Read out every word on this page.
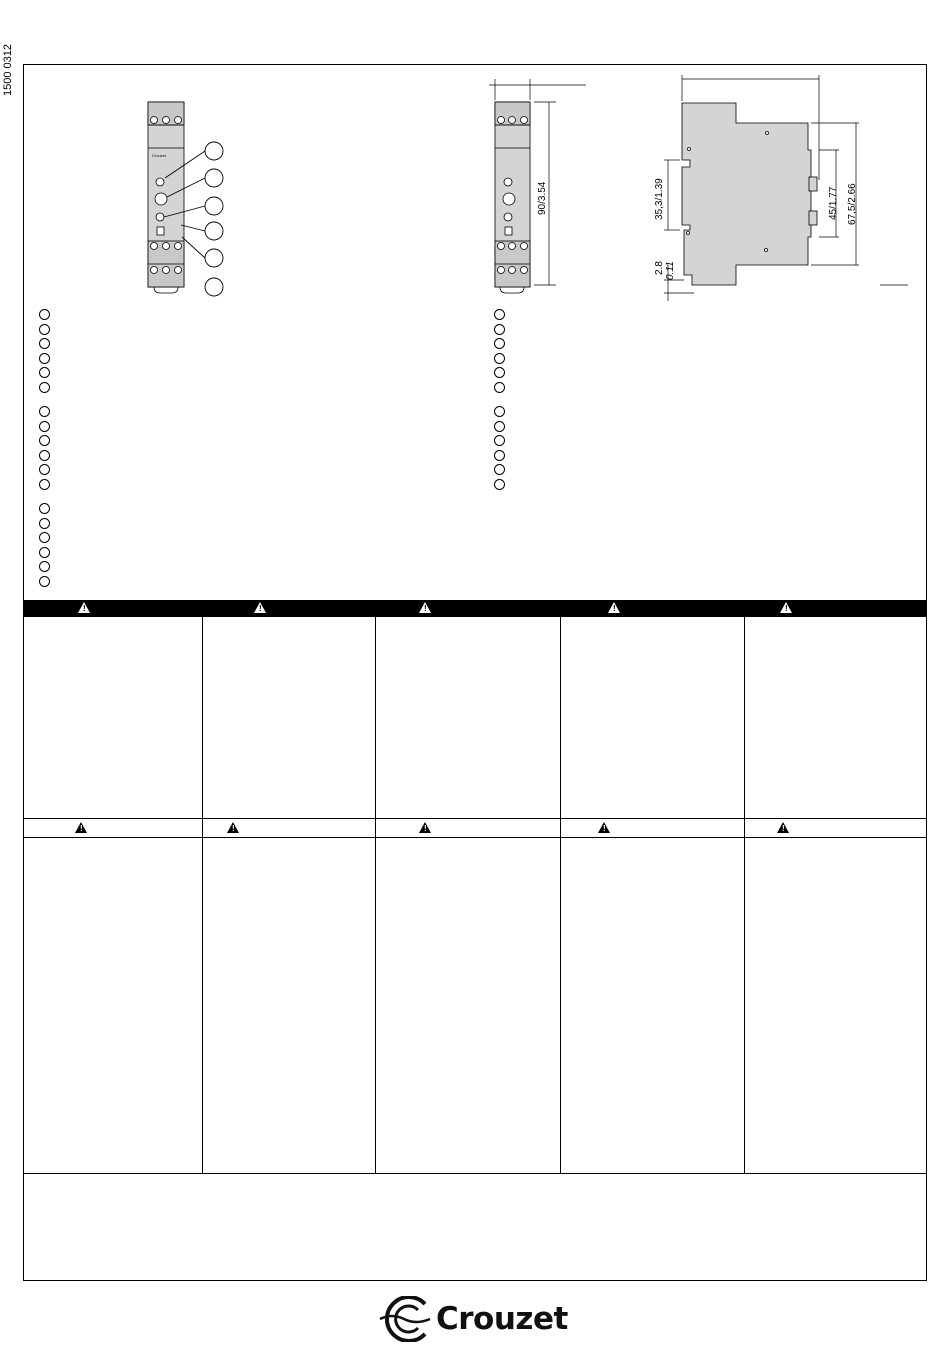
1500 0312
Crouzet
90/3.54	35,3/1.39
2.8 0.11
45/1.77 67,5/2.66
!	!	!	!	!
!	!	!	!	!
Crouzet
